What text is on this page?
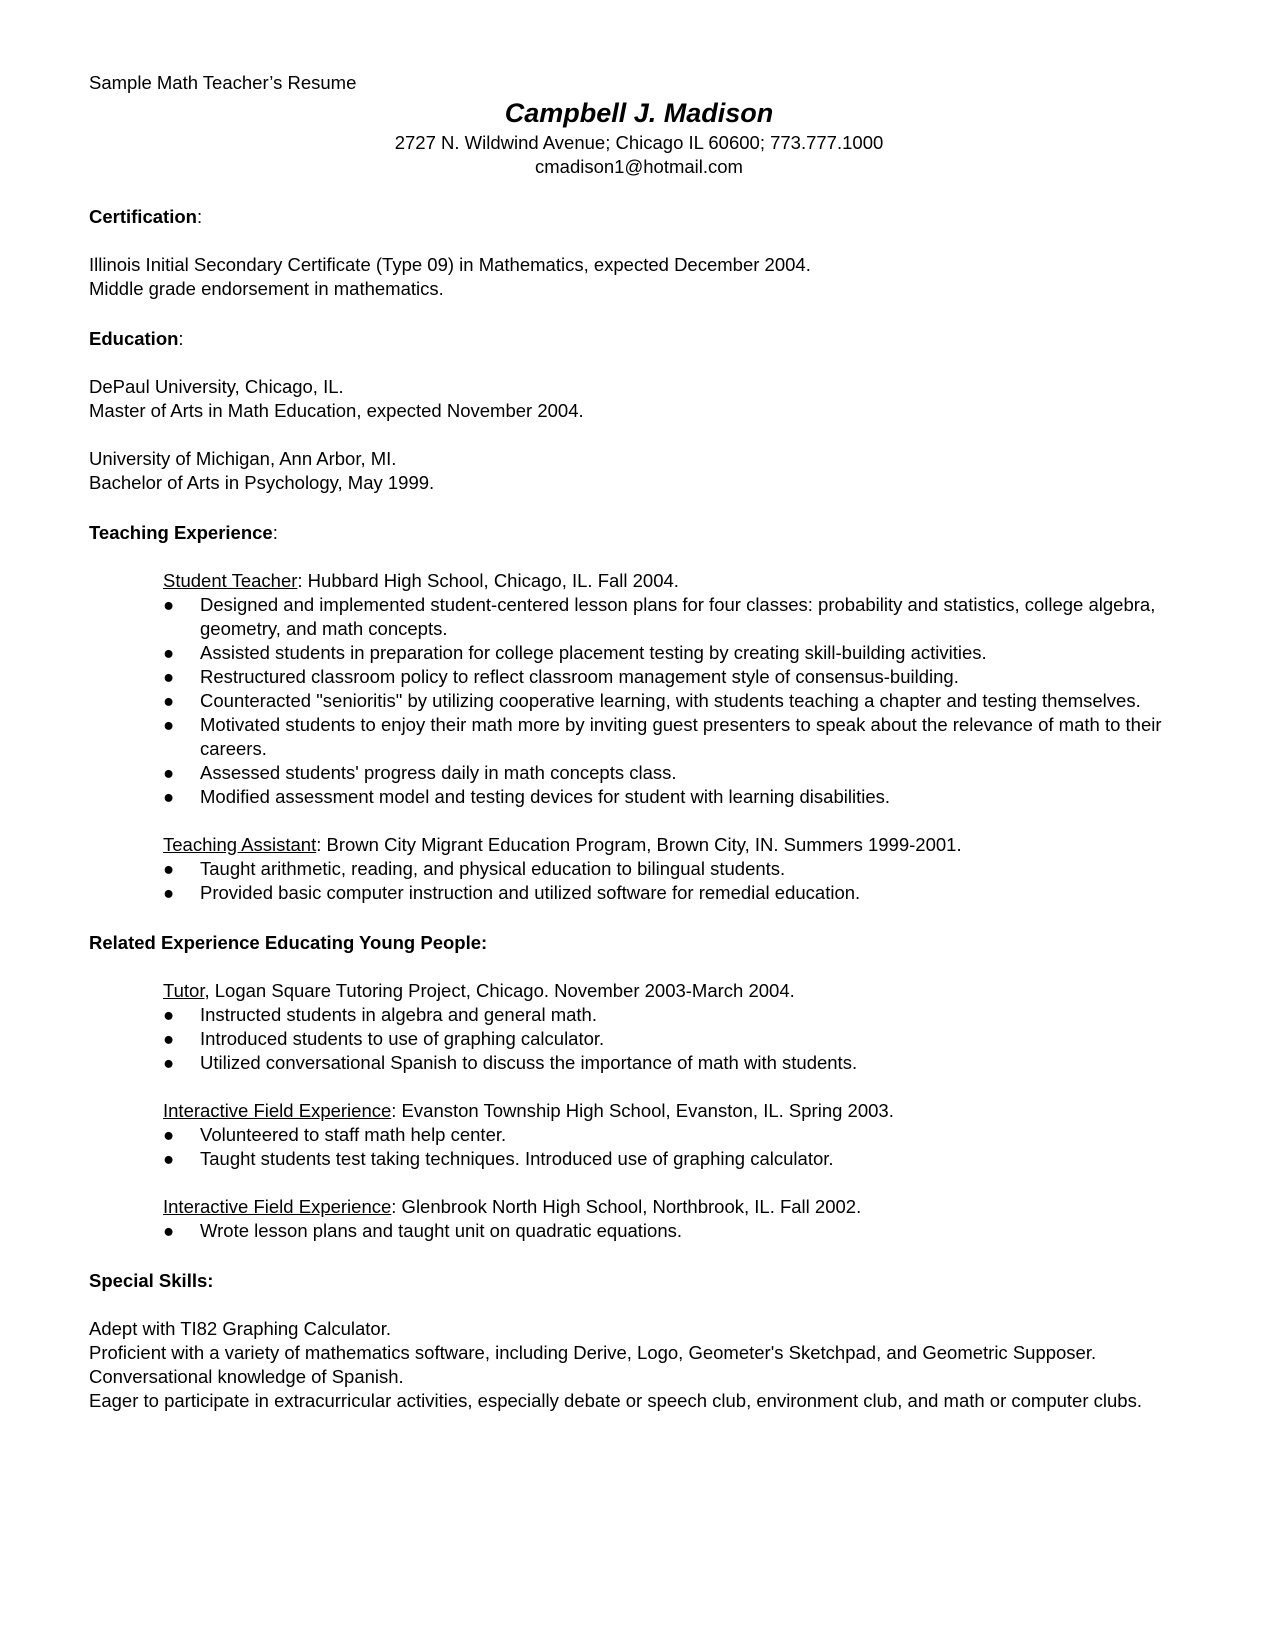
Sample Math Teacher’s Resume

Campbell J. Madison

2727 N. Wildwind Avenue; Chicago IL 60600; 773.777.1000

cmadison1@hotmail.com

Certification:

Illinois Initial Secondary Certificate (Type 09) in Mathematics, expected December 2004.

Middle grade endorsement in mathematics.

Education:

DePaul University, Chicago, IL.

Master of Arts in Math Education, expected November 2004.

University of Michigan, Ann Arbor, MI.

Bachelor of Arts in Psychology, May 1999.

Teaching Experience:

Student Teacher: Hubbard High School, Chicago, IL. Fall 2004.

● Designed and implemented student-centered lesson plans for four classes: probability and statistics, college algebra, geometry, and math concepts.
● Assisted students in preparation for college placement testing by creating skill-building activities.
● Restructured classroom policy to reflect classroom management style of consensus-building.
● Counteracted "senioritis" by utilizing cooperative learning, with students teaching a chapter and testing themselves.
● Motivated students to enjoy their math more by inviting guest presenters to speak about the relevance of math to their careers.
● Assessed students' progress daily in math concepts class.
● Modified assessment model and testing devices for student with learning disabilities.

Teaching Assistant: Brown City Migrant Education Program, Brown City, IN. Summers 1999-2001.

● Taught arithmetic, reading, and physical education to bilingual students.
● Provided basic computer instruction and utilized software for remedial education.
Related Experience Educating Young People:

Tutor, Logan Square Tutoring Project, Chicago. November 2003-March 2004.

● Instructed students in algebra and general math.
● Introduced students to use of graphing calculator.
● Utilized conversational Spanish to discuss the importance of math with students.

Interactive Field Experience: Evanston Township High School, Evanston, IL. Spring 2003.

● Volunteered to staff math help center.
● Taught students test taking techniques. Introduced use of graphing calculator.

Interactive Field Experience: Glenbrook North High School, Northbrook, IL. Fall 2002.

● Wrote lesson plans and taught unit on quadratic equations.
Special Skills:

Adept with TI82 Graphing Calculator.

Proficient with a variety of mathematics software, including Derive, Logo, Geometer's Sketchpad, and Geometric Supposer.

Conversational knowledge of Spanish.

Eager to participate in extracurricular activities, especially debate or speech club, environment club, and math or computer clubs.
